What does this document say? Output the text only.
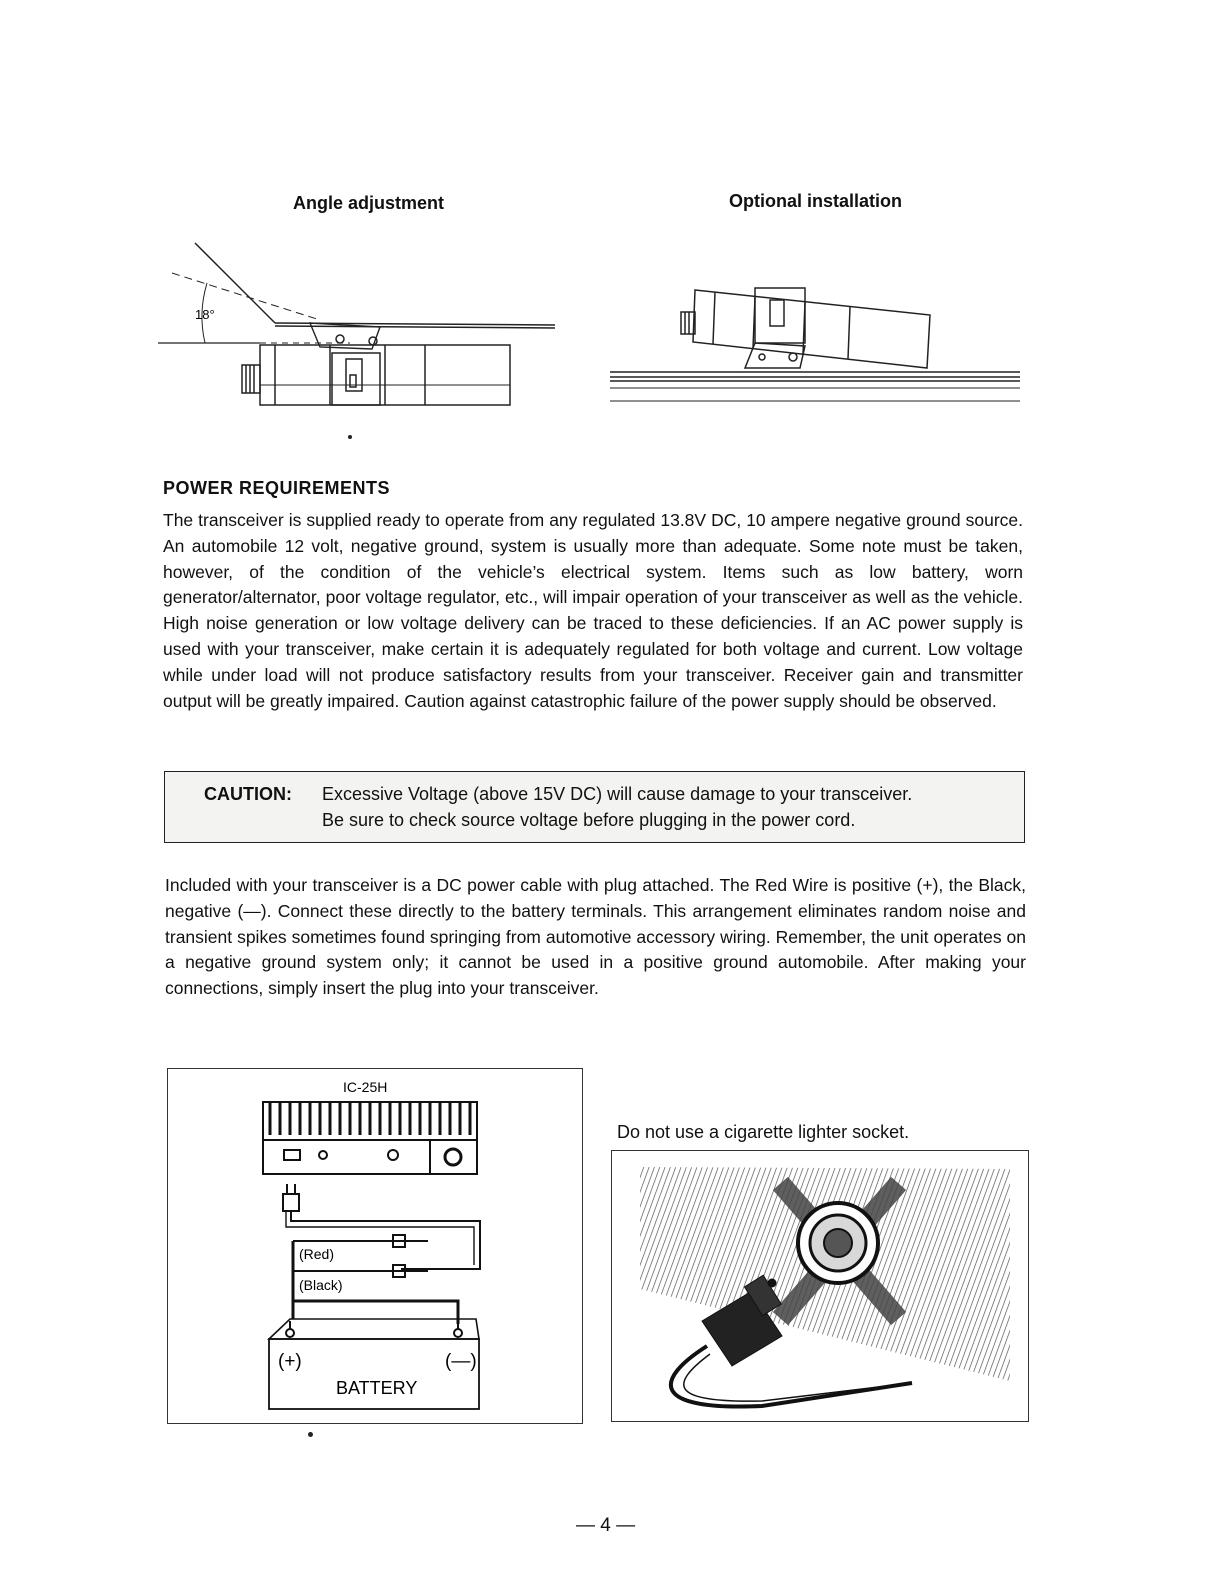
Angle adjustment	Optional installation
18°
POWER REQUIREMENTS

The transceiver is supplied ready to operate from any regulated 13.8V DC, 10 ampere negative ground source. An automobile 12 volt, negative ground, system is usually more than adequate. Some note must be taken, however, of the condition of the vehicle’s electrical system. Items such as low battery, worn generator/alternator, poor voltage regulator, etc., will impair operation of your transceiver as well as the vehicle. High noise generation or low voltage delivery can be traced to these deficiencies. If an AC power supply is used with your transceiver, make certain it is adequately regulated for both voltage and current. Low voltage while under load will not produce satisfactory results from your transceiver. Receiver gain and transmitter output will be greatly impaired. Caution against catastrophic failure of the power supply should be observed.

CAUTION: Excessive Voltage (above 15V DC) will cause damage to your transceiver.
Be sure to check source voltage before plugging in the power cord.

Included with your transceiver is a DC power cable with plug attached. The Red Wire is positive (+), the Black, negative (—). Connect these directly to the battery terminals. This arrangement eliminates random noise and transient spikes sometimes found springing from automotive accessory wiring. Remember, the unit operates on a negative ground system only; it cannot be used in a positive ground automobile. After making your connections, simply insert the plug into your transceiver.

IC-25H
(Red)
(Black)
(+)	(—)
BATTERY
Do not use a cigarette lighter socket.
— 4 —
